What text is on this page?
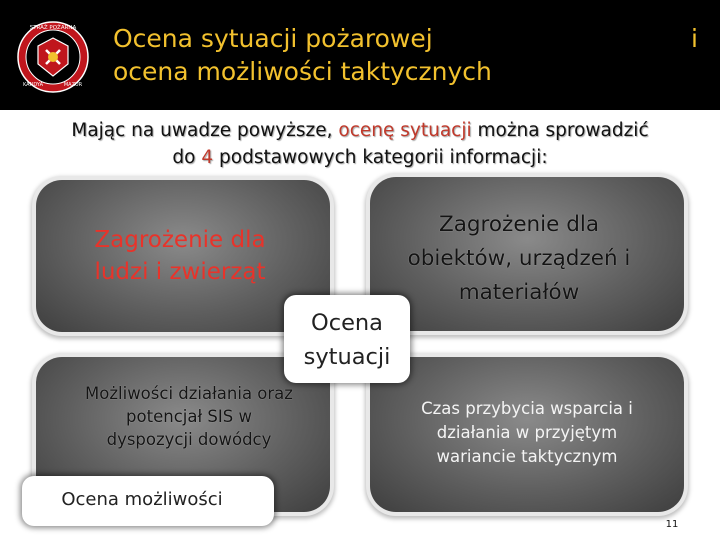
STRAŻ POŻARNA
KANDYA	MAZUR
Ocena sytuacji pożarowej
ocena możliwości taktycznych
i
Mając na uwadze powyższe, ocenę sytuacji można sprowadzić
do 4 podstawowych kategorii informacji:
Zagrożenie dla
ludzi i zwierząt
Zagrożenie dla
obiektów, urządzeń i
materiałów
Możliwości działania oraz
potencjał SIS w
dyspozycji dowódcy
Czas przybycia wsparcia i
działania w przyjętym
wariancie taktycznym
Ocena
sytuacji
Ocena możliwości
11
